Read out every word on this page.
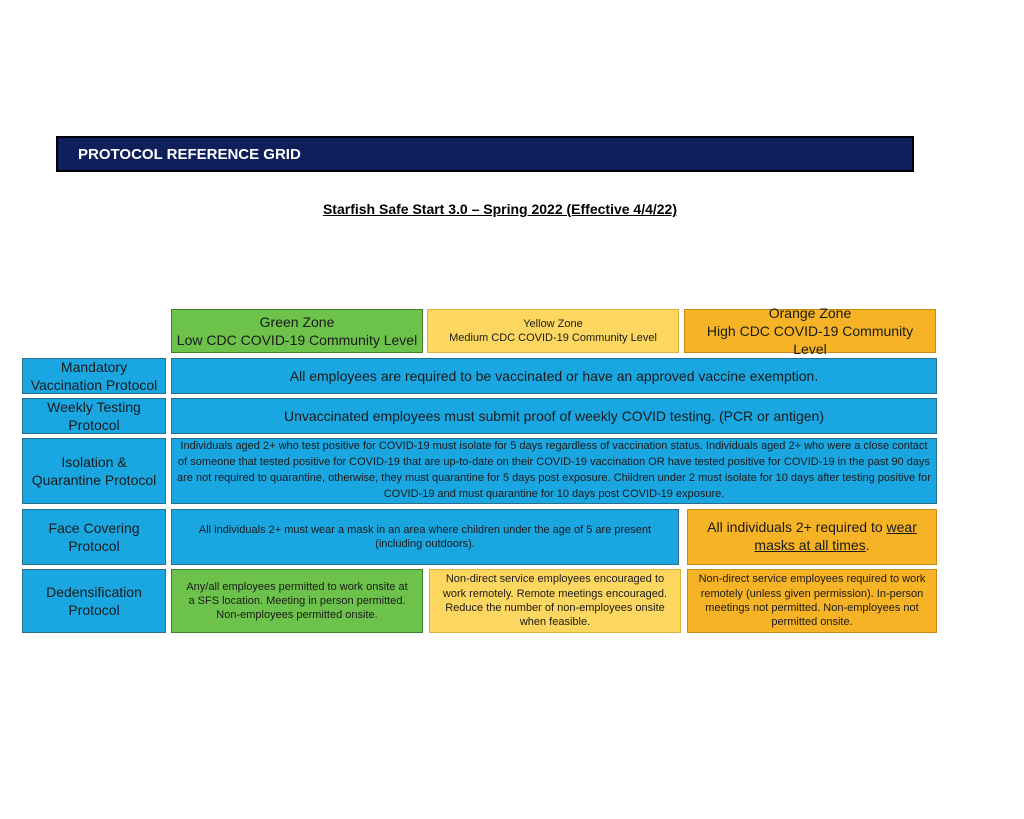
PROTOCOL REFERENCE GRID
Starfish Safe Start 3.0 – Spring 2022 (Effective 4/4/22)
Green Zone
Low CDC COVID-19 Community Level
Yellow Zone
Medium CDC COVID-19 Community Level
Orange Zone
High CDC COVID-19 Community Level
Mandatory Vaccination Protocol
All employees are required to be vaccinated or have an approved vaccine exemption.
Weekly Testing Protocol
Unvaccinated employees must submit proof of weekly COVID testing. (PCR or antigen)
Isolation & Quarantine Protocol
Individuals aged 2+ who test positive for COVID-19 must isolate for 5 days regardless of vaccination status. Individuals aged 2+ who were a close contact of someone that tested positive for COVID-19 that are up-to-date on their COVID-19 vaccination OR have tested positive for COVID-19 in the past 90 days are not required to quarantine, otherwise, they must quarantine for 5 days post exposure. Children under 2 must isolate for 10 days after testing positive for COVID-19 and must quarantine for 10 days post COVID-19 exposure.
Face Covering Protocol
All individuals 2+ must wear a mask in an area where children under the age of 5 are present (including outdoors).
All individuals 2+ required to wear masks at all times.
Dedensification Protocol
Any/all employees permitted to work onsite at a SFS location. Meeting in person permitted. Non-employees permitted onsite.
Non-direct service employees encouraged to work remotely. Remote meetings encouraged. Reduce the number of non-employees onsite when feasible.
Non-direct service employees required to work remotely (unless given permission). In-person meetings not permitted. Non-employees not permitted onsite.
